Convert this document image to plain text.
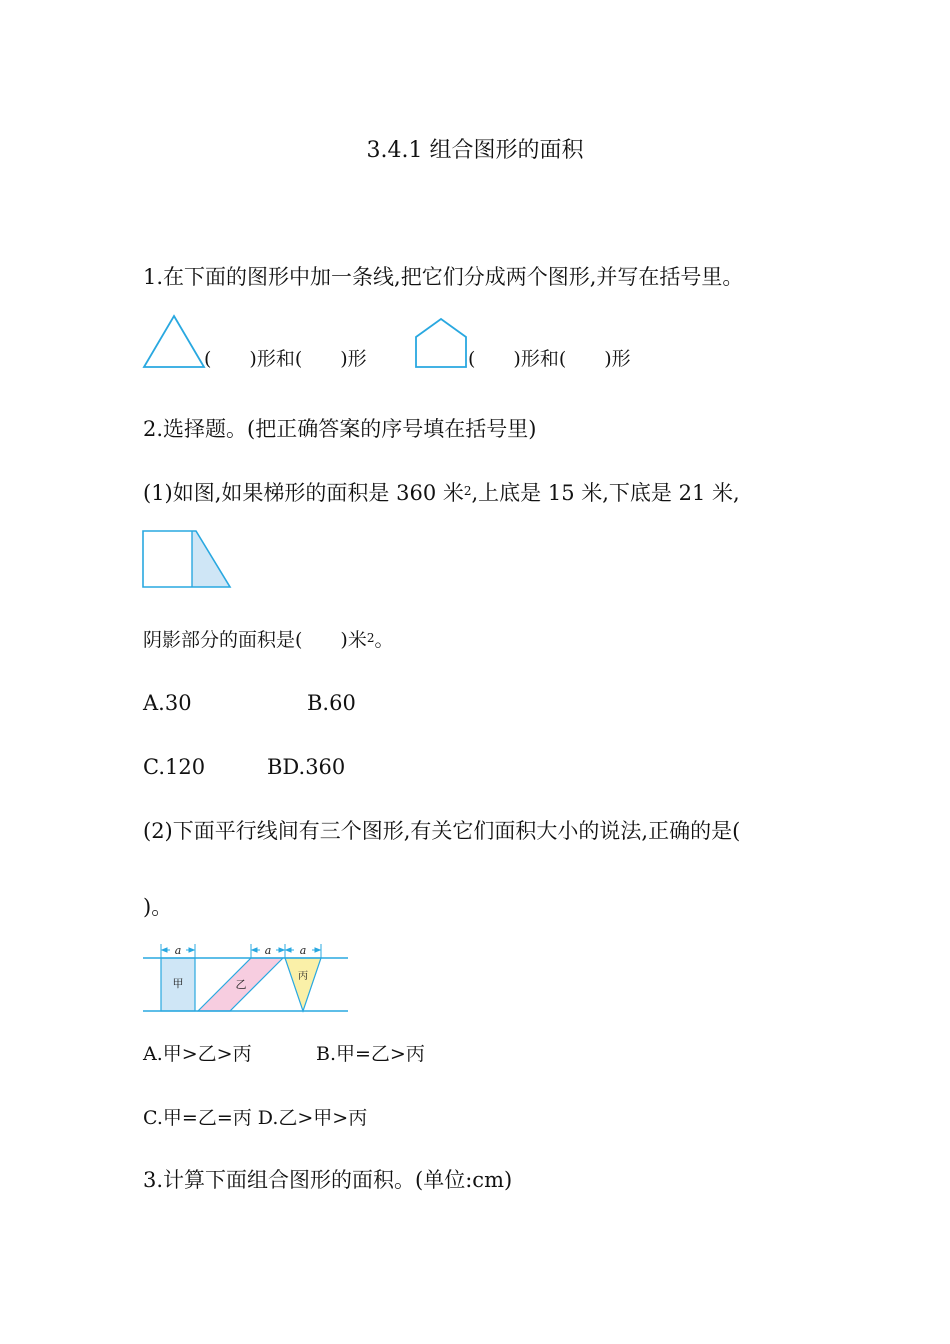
3.4.1 组合图形的面积
1.在下面的图形中加一条线,把它们分成两个图形,并写在括号里。
(　　)形和(　　)形	(　　)形和(　　)形
2.选择题。(把正确答案的序号填在括号里)
(1)如图,如果梯形的面积是 360 米$^2$,上底是 15 米,下底是 21 米,
阴影部分的面积是(　　)米$^2$。
A.30	B.60
C.120	BD.360
(2)下面平行线间有三个图形,有关它们面积大小的说法,正确的是(
)。
a	a	a
甲	乙
丙
A.甲>乙>丙	B.甲=乙>丙
C.甲=乙=丙 D.乙>甲>丙
3.计算下面组合图形的面积。(单位:cm)
